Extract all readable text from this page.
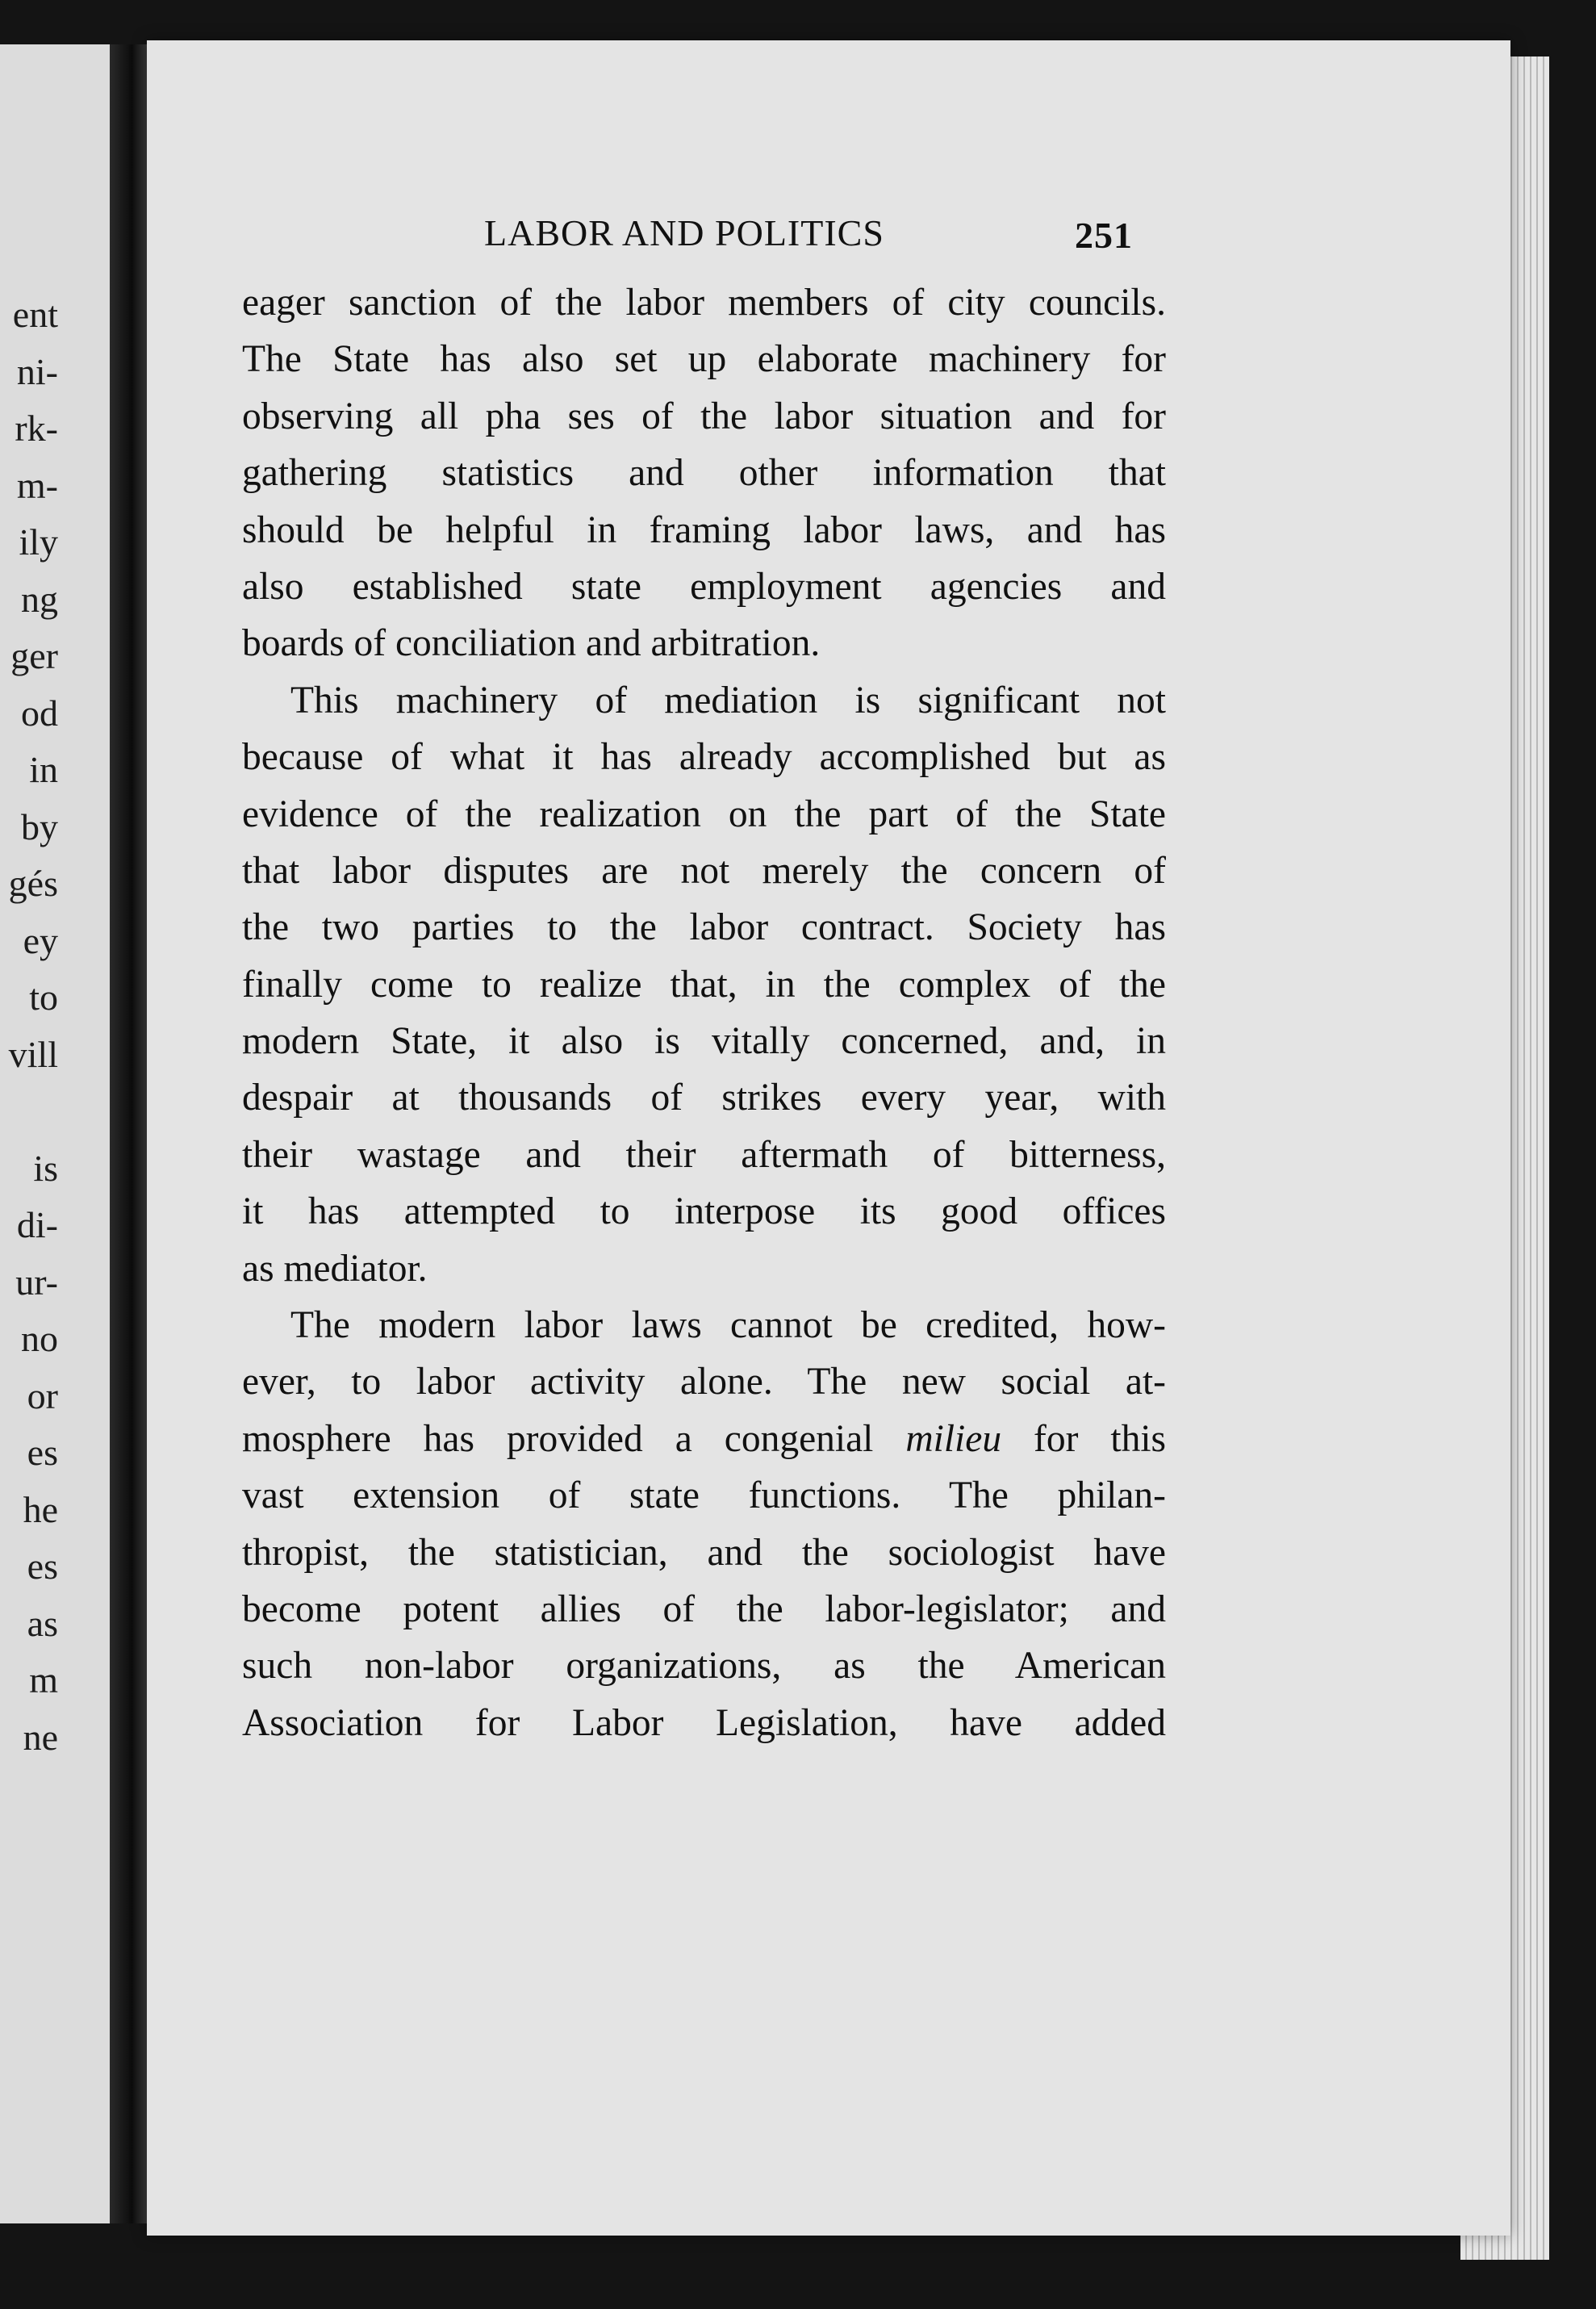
ent
ni-
rk-
m-
ily
ng
ger
od
in
by
gés
ey
to
vill
is
di-
ur-
no
or
es
he
es
as
m
ne
LABOR AND POLITICS	251
eager sanction of the labor members of city councils.
The State has also set up elaborate machinery for
observing all pha ses of the labor situation and for
gathering statistics and other information that
should be helpful in framing labor laws, and has
also established state employment agencies and
boards of conciliation and arbitration.
This machinery of mediation is significant not
because of what it has already accomplished but as
evidence of the realization on the part of the State
that labor disputes are not merely the concern of
the two parties to the labor contract. Society has
finally come to realize that, in the complex of the
modern State, it also is vitally concerned, and, in
despair at thousands of strikes every year, with
their wastage and their aftermath of bitterness,
it has attempted to interpose its good offices
as mediator.
The modern labor laws cannot be credited, how-
ever, to labor activity alone. The new social at-
mosphere has provided a congenial milieu for this
vast extension of state functions. The philan-
thropist, the statistician, and the sociologist have
become potent allies of the labor-legislator; and
such non-labor organizations, as the American
Association for Labor Legislation, have added
